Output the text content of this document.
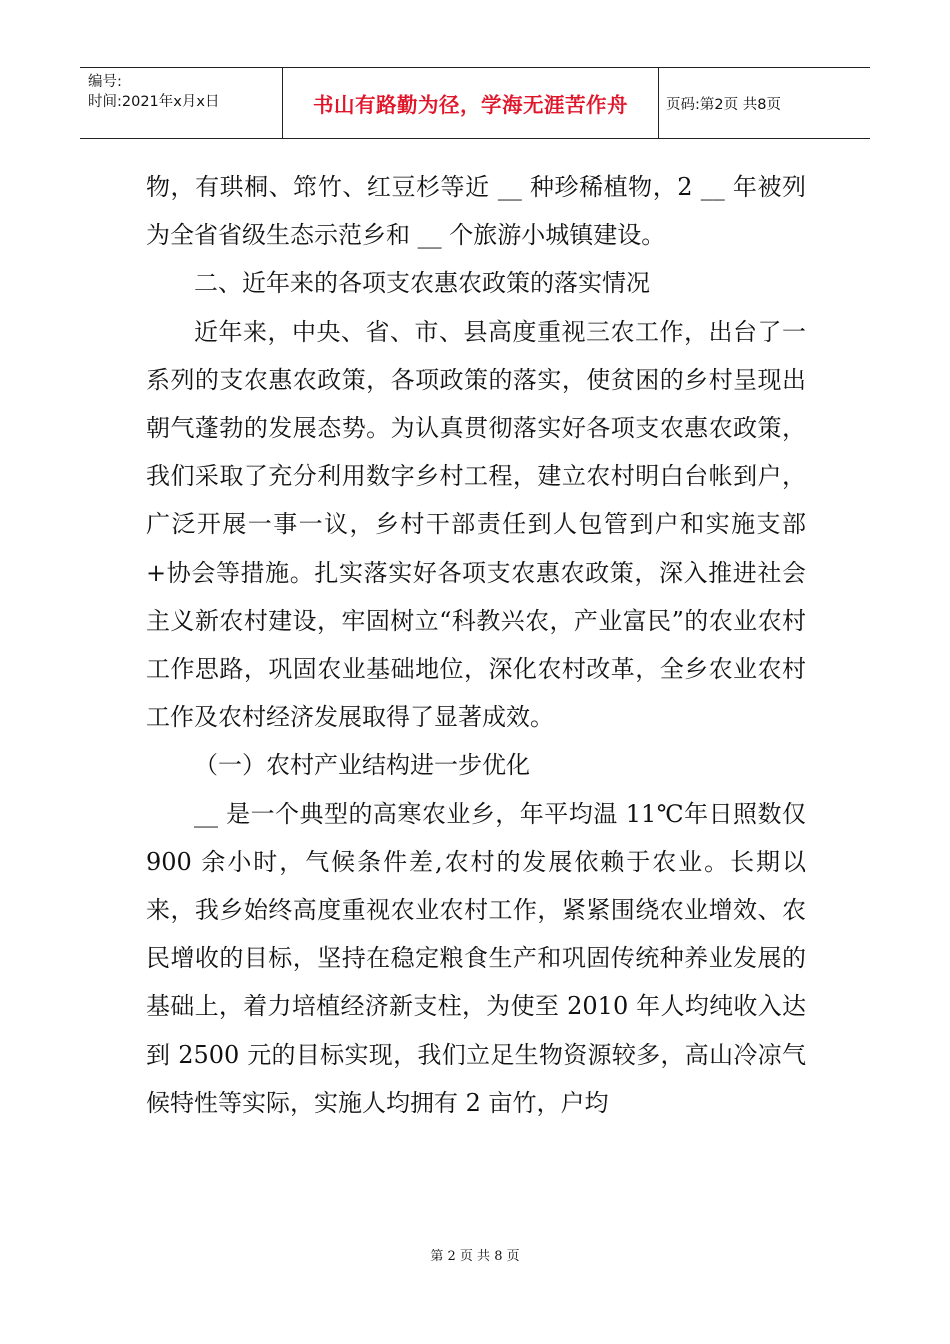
编号:
时间:2021年x月x日	书山有路勤为径，学海无涯苦作舟	页码:第2页 共8页

物，有珙桐、筇竹、红豆杉等近 __ 种珍稀植物，2 __ 年被列为全省省级生态示范乡和 __ 个旅游小城镇建设。

二、近年来的各项支农惠农政策的落实情况

近年来，中央、省、市、县高度重视三农工作，出台了一系列的支农惠农政策，各项政策的落实，使贫困的乡村呈现出朝气蓬勃的发展态势。为认真贯彻落实好各项支农惠农政策，我们采取了充分利用数字乡村工程，建立农村明白台帐到户，广泛开展一事一议，乡村干部责任到人包管到户和实施支部+协会等措施。扎实落实好各项支农惠农政策，深入推进社会主义新农村建设，牢固树立“科教兴农，产业富民”的农业农村工作思路，巩固农业基础地位，深化农村改革，全乡农业农村工作及农村经济发展取得了显著成效。

（一）农村产业结构进一步优化

__ 是一个典型的高寒农业乡，年平均温 11℃年日照数仅 900 余小时，气候条件差,农村的发展依赖于农业。长期以来，我乡始终高度重视农业农村工作，紧紧围绕农业增效、农民增收的目标，坚持在稳定粮食生产和巩固传统种养业发展的基础上，着力培植经济新支柱，为使至 2010 年人均纯收入达到 2500 元的目标实现，我们立足生物资源较多，高山冷凉气候特性等实际，实施人均拥有 2 亩竹，户均

第 2 页 共 8 页
